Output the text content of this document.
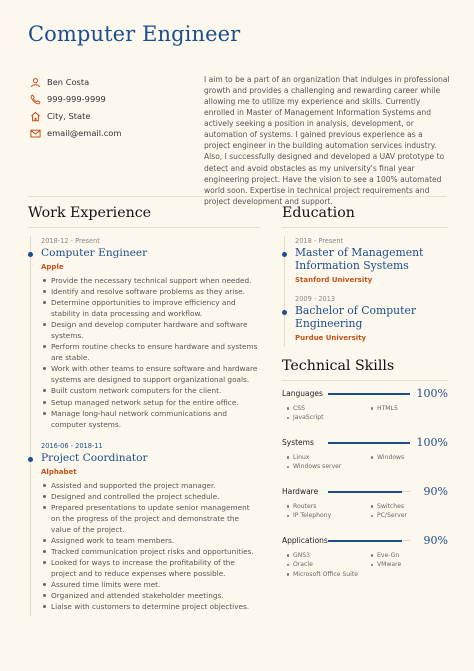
Computer Engineer
Ben Costa
999-999-9999
City, State
email@email.com
I aim to be a part of an organization that indulges in professional growth and provides a challenging and rewarding career while allowing me to utilize my experience and skills. Currently enrolled in Master of Management Information Systems and actively seeking a position in analysis, development, or automation of systems. I gained previous experience as a project engineer in the building automation services industry. Also, I successfully designed and developed a UAV prototype to detect and avoid obstacles as my university's final year engineering project. Have the vision to see a 100% automated world soon. Expertise in technical project requirements and project development and support.
Work Experience
2018-12 - Present
Computer Engineer
Apple
Provide the necessary technical support when needed.
Identify and resolve software problems as they arise.
Determine opportunities to improve efficiency and stability in data processing and workflow.
Design and develop computer hardware and software systems.
Perform routine checks to ensure hardware and systems are stable.
Work with other teams to ensure software and hardware systems are designed to support organizational goals.
Built custom network computers for the client.
Setup managed network setup for the entire office.
Manage long-haul network communications and computer systems.
2016-06 - 2018-11
Project Coordinator
Alphabet
Assisted and supported the project manager.
Designed and controlled the project schedule.
Prepared presentations to update senior management on the progress of the project and demonstrate the value of the project.
Assigned work to team members.
Tracked communication project risks and opportunities.
Looked for ways to increase the profitability of the project and to reduce expenses where possible.
Assured time limits were met.
Organized and attended stakeholder meetings.
Liaise with customers to determine project objectives.
Education
2018 - Present
Master of Management Information Systems
Stanford University
2009 - 2013
Bachelor of Computer Engineering
Purdue University
Technical Skills
Languages	100%
CSS	HTML5
JavaScript
Systems	100%
Linux	Windows
Windows server
Hardware	90%
Routers	Switches
IP Telephony	PC/Server
Applications	90%
GNS3	Eve-Gn
Oracle	VMware
Microsoft Office Suite
